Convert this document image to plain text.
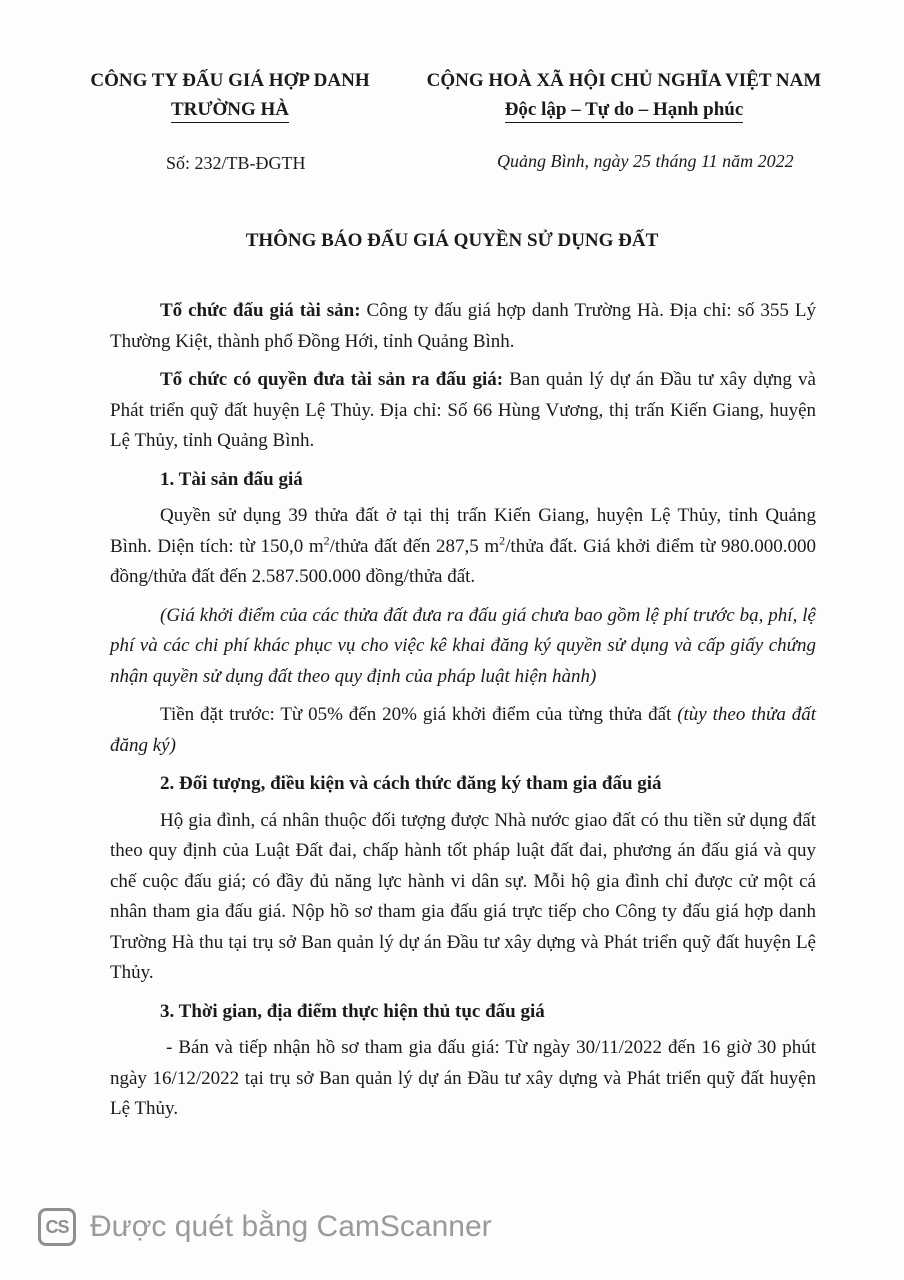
CÔNG TY ĐẤU GIÁ HỢP DANH
TRƯỜNG HÀ
CỘNG HOÀ XÃ HỘI CHỦ NGHĨA VIỆT NAM
Độc lập – Tự do – Hạnh phúc
Số: 232/TB-ĐGTH	Quảng Bình, ngày 25 tháng 11 năm 2022
THÔNG BÁO ĐẤU GIÁ QUYỀN SỬ DỤNG ĐẤT

Tổ chức đấu giá tài sản: Công ty đấu giá hợp danh Trường Hà. Địa chỉ: số 355 Lý Thường Kiệt, thành phố Đồng Hới, tỉnh Quảng Bình.

Tổ chức có quyền đưa tài sản ra đấu giá: Ban quản lý dự án Đầu tư xây dựng và Phát triển quỹ đất huyện Lệ Thủy. Địa chỉ: Số 66 Hùng Vương, thị trấn Kiến Giang, huyện Lệ Thủy, tỉnh Quảng Bình.

1. Tài sản đấu giá

Quyền sử dụng 39 thửa đất ở tại thị trấn Kiến Giang, huyện Lệ Thủy, tỉnh Quảng Bình. Diện tích: từ 150,0 $m^2$/thửa đất đến 287,5 $m^2$/thửa đất. Giá khởi điểm từ 980.000.000 đồng/thửa đất đến 2.587.500.000 đồng/thửa đất.

(Giá khởi điểm của các thửa đất đưa ra đấu giá chưa bao gồm lệ phí trước bạ, phí, lệ phí và các chi phí khác phục vụ cho việc kê khai đăng ký quyền sử dụng và cấp giấy chứng nhận quyền sử dụng đất theo quy định của pháp luật hiện hành)

Tiền đặt trước: Từ 05% đến 20% giá khởi điểm của từng thửa đất (tùy theo thửa đất đăng ký)

2. Đối tượng, điều kiện và cách thức đăng ký tham gia đấu giá

Hộ gia đình, cá nhân thuộc đối tượng được Nhà nước giao đất có thu tiền sử dụng đất theo quy định của Luật Đất đai, chấp hành tốt pháp luật đất đai, phương án đấu giá và quy chế cuộc đấu giá; có đầy đủ năng lực hành vi dân sự. Mỗi hộ gia đình chỉ được cử một cá nhân tham gia đấu giá. Nộp hồ sơ tham gia đấu giá trực tiếp cho Công ty đấu giá hợp danh Trường Hà thu tại trụ sở Ban quản lý dự án Đầu tư xây dựng và Phát triển quỹ đất huyện Lệ Thủy.

3. Thời gian, địa điểm thực hiện thủ tục đấu giá

- Bán và tiếp nhận hồ sơ tham gia đấu giá: Từ ngày 30/11/2022 đến 16 giờ 30 phút ngày 16/12/2022 tại trụ sở Ban quản lý dự án Đầu tư xây dựng và Phát triển quỹ đất huyện Lệ Thủy.

CS Được quét bằng CamScanner
